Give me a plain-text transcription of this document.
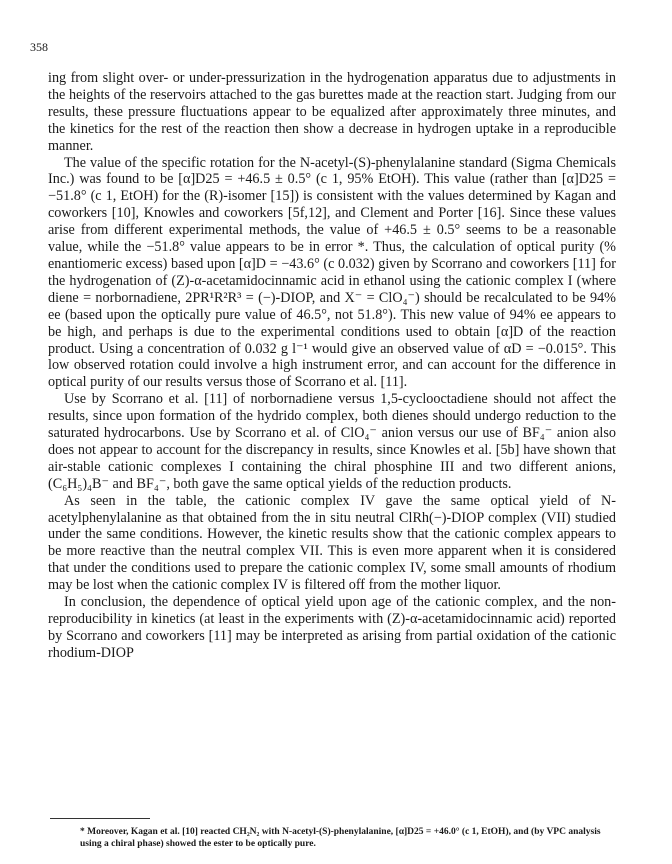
358

ing from slight over- or under-pressurization in the hydrogenation apparatus due to adjustments in the heights of the reservoirs attached to the gas burettes made at the reaction start. Judging from our results, these pressure fluctuations appear to be equalized after approximately three minutes, and the kinetics for the rest of the reaction then show a decrease in hydrogen uptake in a reproducible manner.

The value of the specific rotation for the N-acetyl-(S)-phenylalanine standard (Sigma Chemicals Inc.) was found to be [α]D25 = +46.5 ± 0.5° (c 1, 95% EtOH). This value (rather than [α]D25 = −51.8° (c 1, EtOH) for the (R)-isomer [15]) is consistent with the values determined by Kagan and coworkers [10], Knowles and coworkers [5f,12], and Clement and Porter [16]. Since these values arise from different experimental methods, the value of +46.5 ± 0.5° seems to be a reasonable value, while the −51.8° value appears to be in error *. Thus, the calculation of optical purity (% enantiomeric excess) based upon [α]D = −43.6° (c 0.032) given by Scorrano and coworkers [11] for the hydrogenation of (Z)-α-acetamidocinnamic acid in ethanol using the cationic complex I (where diene = norbornadiene, 2PR¹R²R³ = (−)-DIOP, and X⁻ = ClO₄⁻) should be recalculated to be 94% ee (based upon the optically pure value of 46.5°, not 51.8°). This new value of 94% ee appears to be high, and perhaps is due to the experimental conditions used to obtain [α]D of the reaction product. Using a concentration of 0.032 g l⁻¹ would give an observed value of αD = −0.015°. This low observed rotation could involve a high instrument error, and can account for the difference in optical purity of our results versus those of Scorrano et al. [11].

Use by Scorrano et al. [11] of norbornadiene versus 1,5-cyclooctadiene should not affect the results, since upon formation of the hydrido complex, both dienes should undergo reduction to the saturated hydrocarbons. Use by Scorrano et al. of ClO₄⁻ anion versus our use of BF₄⁻ anion also does not appear to account for the discrepancy in results, since Knowles et al. [5b] have shown that air-stable cationic complexes I containing the chiral phosphine III and two different anions, (C₆H₅)₄B⁻ and BF₄⁻, both gave the same optical yields of the reduction products.

As seen in the table, the cationic complex IV gave the same optical yield of N-acetylphenylalanine as that obtained from the in situ neutral ClRh(−)-DIOP complex (VII) studied under the same conditions. However, the kinetic results show that the cationic complex appears to be more reactive than the neutral complex VII. This is even more apparent when it is considered that under the conditions used to prepare the cationic complex IV, some small amounts of rhodium may be lost when the cationic complex IV is filtered off from the mother liquor.

In conclusion, the dependence of optical yield upon age of the cationic complex, and the non-reproducibility in kinetics (at least in the experiments with (Z)-α-acetamidocinnamic acid) reported by Scorrano and coworkers [11] may be interpreted as arising from partial oxidation of the cationic rhodium-DIOP

* Moreover, Kagan et al. [10] reacted CH₂N₂ with N-acetyl-(S)-phenylalanine, [α]D25 = +46.0° (c 1, EtOH), and (by VPC analysis using a chiral phase) showed the ester to be optically pure.
